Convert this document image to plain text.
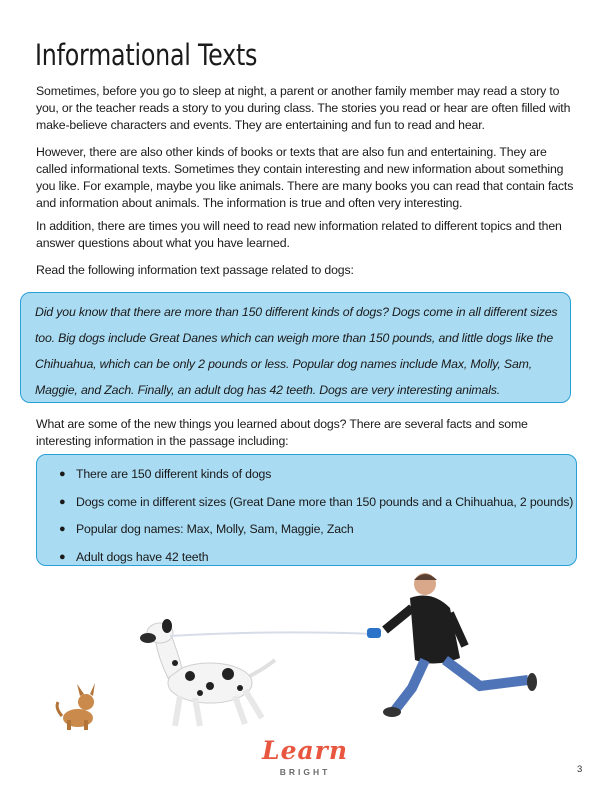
Informational Texts

Sometimes, before you go to sleep at night, a parent or another family member may read a story to you, or the teacher reads a story to you during class. The stories you read or hear are often filled with make-believe characters and events. They are entertaining and fun to read and hear.

However, there are also other kinds of books or texts that are also fun and entertaining. They are called informational texts. Sometimes they contain interesting and new information about something you like. For example, maybe you like animals. There are many books you can read that contain facts and information about animals. The information is true and often very interesting.

In addition, there are times you will need to read new information related to different topics and then answer questions about what you have learned.

Read the following information text passage related to dogs:

Did you know that there are more than 150 different kinds of dogs? Dogs come in all different sizes too. Big dogs include Great Danes which can weigh more than 150 pounds, and little dogs like the Chihuahua, which can be only 2 pounds or less. Popular dog names include Max, Molly, Sam, Maggie, and Zach. Finally, an adult dog has 42 teeth. Dogs are very interesting animals.

What are some of the new things you learned about dogs? There are several facts and some interesting information in the passage including:

● There are 150 different kinds of dogs
● Dogs come in different sizes (Great Dane more than 150 pounds and a Chihuahua, 2 pounds)
● Popular dog names: Max, Molly, Sam, Maggie, Zach
● Adult dogs have 42 teeth
Learn
BRIGHT	3
